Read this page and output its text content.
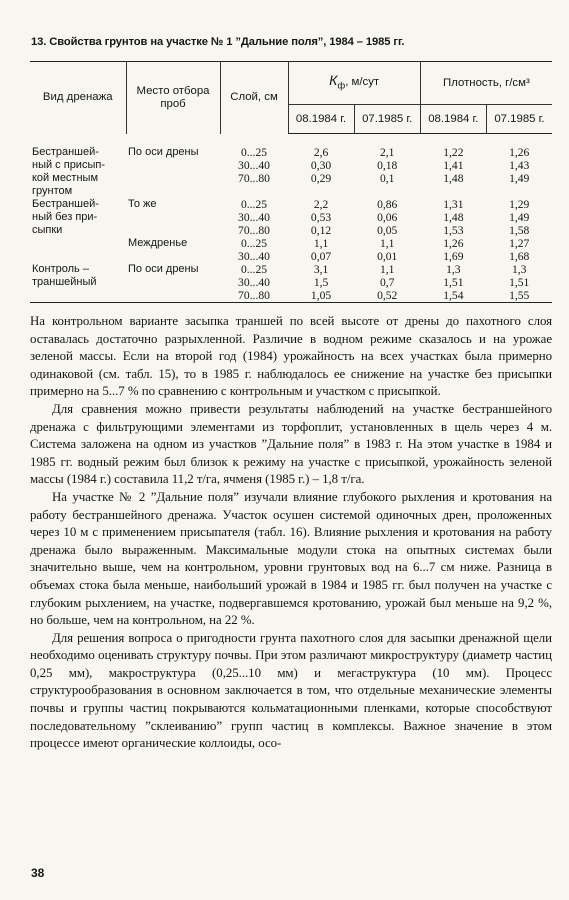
13. Свойства грунтов на участке № 1 ”Дальние поля”, 1984 – 1985 гг.
Вид дренажа	Место отбора проб	Слой, см	$К_ф$, м/сут		Плотность, г/см³	
			08.1984 г.	07.1985 г.	08.1984 г.	07.1985 г.

Бестраншей-	По оси дрены	0...25	2,6	2,1	1,22	1,26
ный с присып-		30...40	0,30	0,18	1,41	1,43
кой местным		70...80	0,29	0,1	1,48	1,49
грунтом						
Бестраншей-	То же	0...25	2,2	0,86	1,31	1,29
ный без при-		30...40	0,53	0,06	1,48	1,49
сыпки		70...80	0,12	0,05	1,53	1,58
	Междренье	0...25	1,1	1,1	1,26	1,27
		30...40	0,07	0,01	1,69	1,68
Контроль –	По оси дрены	0...25	3,1	1,1	1,3	1,3
траншейный		30...40	1,5	0,7	1,51	1,51
		70...80	1,05	0,52	1,54	1,55

На контрольном варианте засыпка траншей по всей высоте от дрены до пахотного слоя оставалась достаточно разрыхленной. Различие в водном режиме сказалось и на урожае зеленой массы. Если на второй год (1984) урожайность на всех участках была примерно одинаковой (см. табл. 15), то в 1985 г. наблюдалось ее снижение на участке без присыпки примерно на 5...7 % по сравнению с контрольным и участком с присыпкой.

Для сравнения можно привести результаты наблюдений на участке бестраншейного дренажа с фильтрующими элементами из торфоплит, установленных в щель через 4 м. Система заложена на одном из участков ”Дальние поля” в 1983 г. На этом участке в 1984 и 1985 гг. водный режим был близок к режиму на участке с присыпкой, урожайность зеленой массы (1984 г.) составила 11,2 т/га, ячменя (1985 г.) – 1,8 т/га.

На участке № 2 ”Дальние поля” изучали влияние глубокого рыхления и кротования на работу бестраншейного дренажа. Участок осушен системой одиночных дрен, проложенных через 10 м с применением присыпателя (табл. 16). Влияние рыхления и кротования на работу дренажа было выраженным. Максимальные модули стока на опытных системах были значительно выше, чем на контрольном, уровни грунтовых вод на 6...7 см ниже. Разница в объемах стока была меньше, наибольший урожай в 1984 и 1985 гг. был получен на участке с глубоким рыхлением, на участке, подвергавшемся кротованию, урожай был меньше на 9,2 %, но больше, чем на контрольном, на 22 %.

Для решения вопроса о пригодности грунта пахотного слоя для засыпки дренажной щели необходимо оценивать структуру почвы. При этом различают микроструктуру (диаметр частиц 0,25 мм), макроструктура (0,25...10 мм) и мегаструктура (10 мм). Процесс структурообразования в основном заключается в том, что отдельные механические элементы почвы и группы частиц покрываются кольматационными пленками, которые способствуют последовательному ”склеиванию” групп частиц в комплексы. Важное значение в этом процессе имеют органические коллоиды, осо-

38
